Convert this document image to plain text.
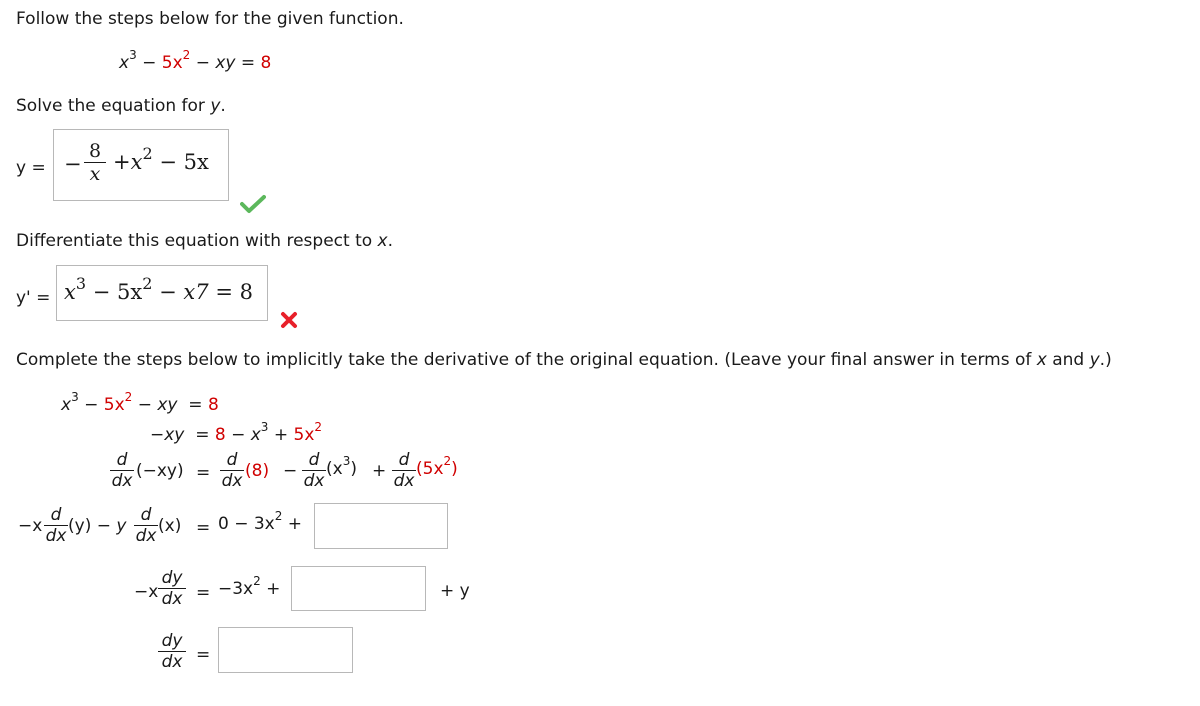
Follow the steps below for the given function.
$x^3 - 5x^2$ − xy = 8
Solve the equation for y.
y = −
8
$x +x^2 - 5x$
Differentiate this equation with respect to x.
$y' = x^3 - 5x^2 - x7 = 8$
Complete the steps below to implicitly take the derivative of the original equation. (Leave your final answer in terms of x and y.)
$x^3 - 5x^2$ − xy = 8
$-xy = 8 - x^3 + 5x^2$
d
dx (−xy) =
d
dx (8) −
d
dx
$(x^3)$ +
d
dx
$(5x^2)$
−x
d
dx (y) − y
d
dx $(x) = 0 - 3x^2$ +
−x
dy
dx = $-3x^2$ +	+ y
dy
dx =
